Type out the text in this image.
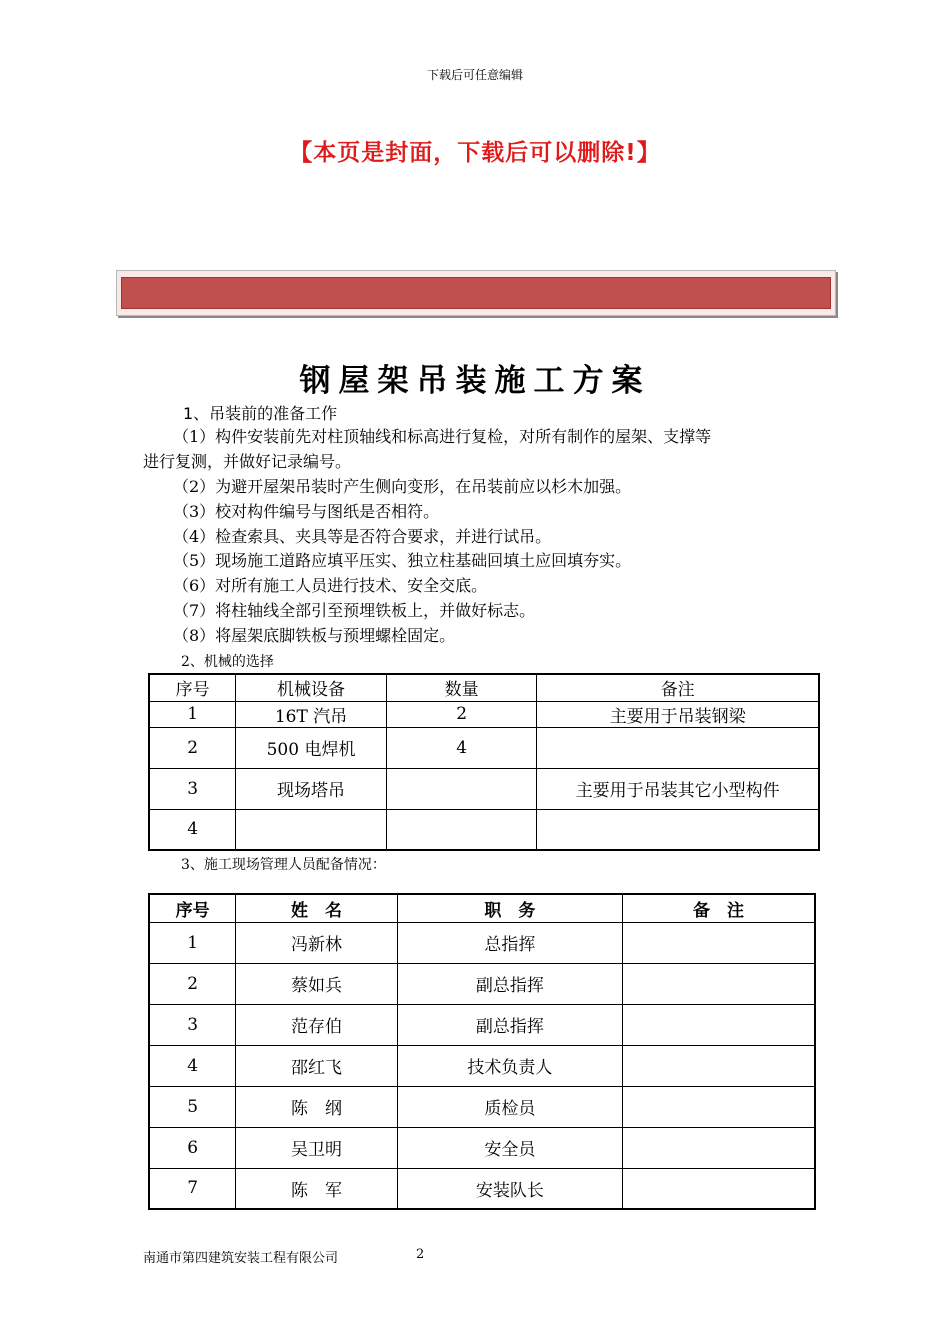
下载后可任意编辑
【本页是封面，下载后可以删除!】
钢屋架吊装施工方案
1、吊装前的准备工作
（1）构件安装前先对柱顶轴线和标高进行复检，对所有制作的屋架、支撑等
进行复测，并做好记录编号。
（2）为避开屋架吊装时产生侧向变形，在吊装前应以杉木加强。
（3）校对构件编号与图纸是否相符。
（4）检查索具、夹具等是否符合要求，并进行试吊。
（5）现场施工道路应填平压实、独立柱基础回填土应回填夯实。
（6）对所有施工人员进行技术、安全交底。
（7）将柱轴线全部引至预埋铁板上，并做好标志。
（8）将屋架底脚铁板与预埋螺栓固定。
2、机械的选择
序号	机械设备	数量	备注
1	16T 汽吊	2	主要用于吊装钢梁
2	500 电焊机	4	
3	现场塔吊		主要用于吊装其它小型构件
4			
3、施工现场管理人员配备情况：
序号	姓　名	职　务	备　注
1	冯新林	总指挥	
2	蔡如兵	副总指挥	
3	范存伯	副总指挥	
4	邵红飞	技术负责人	
5	陈　纲	质检员	
6	吴卫明	安全员	
7	陈　军	安装队长	
南通市第四建筑安装工程有限公司	2
